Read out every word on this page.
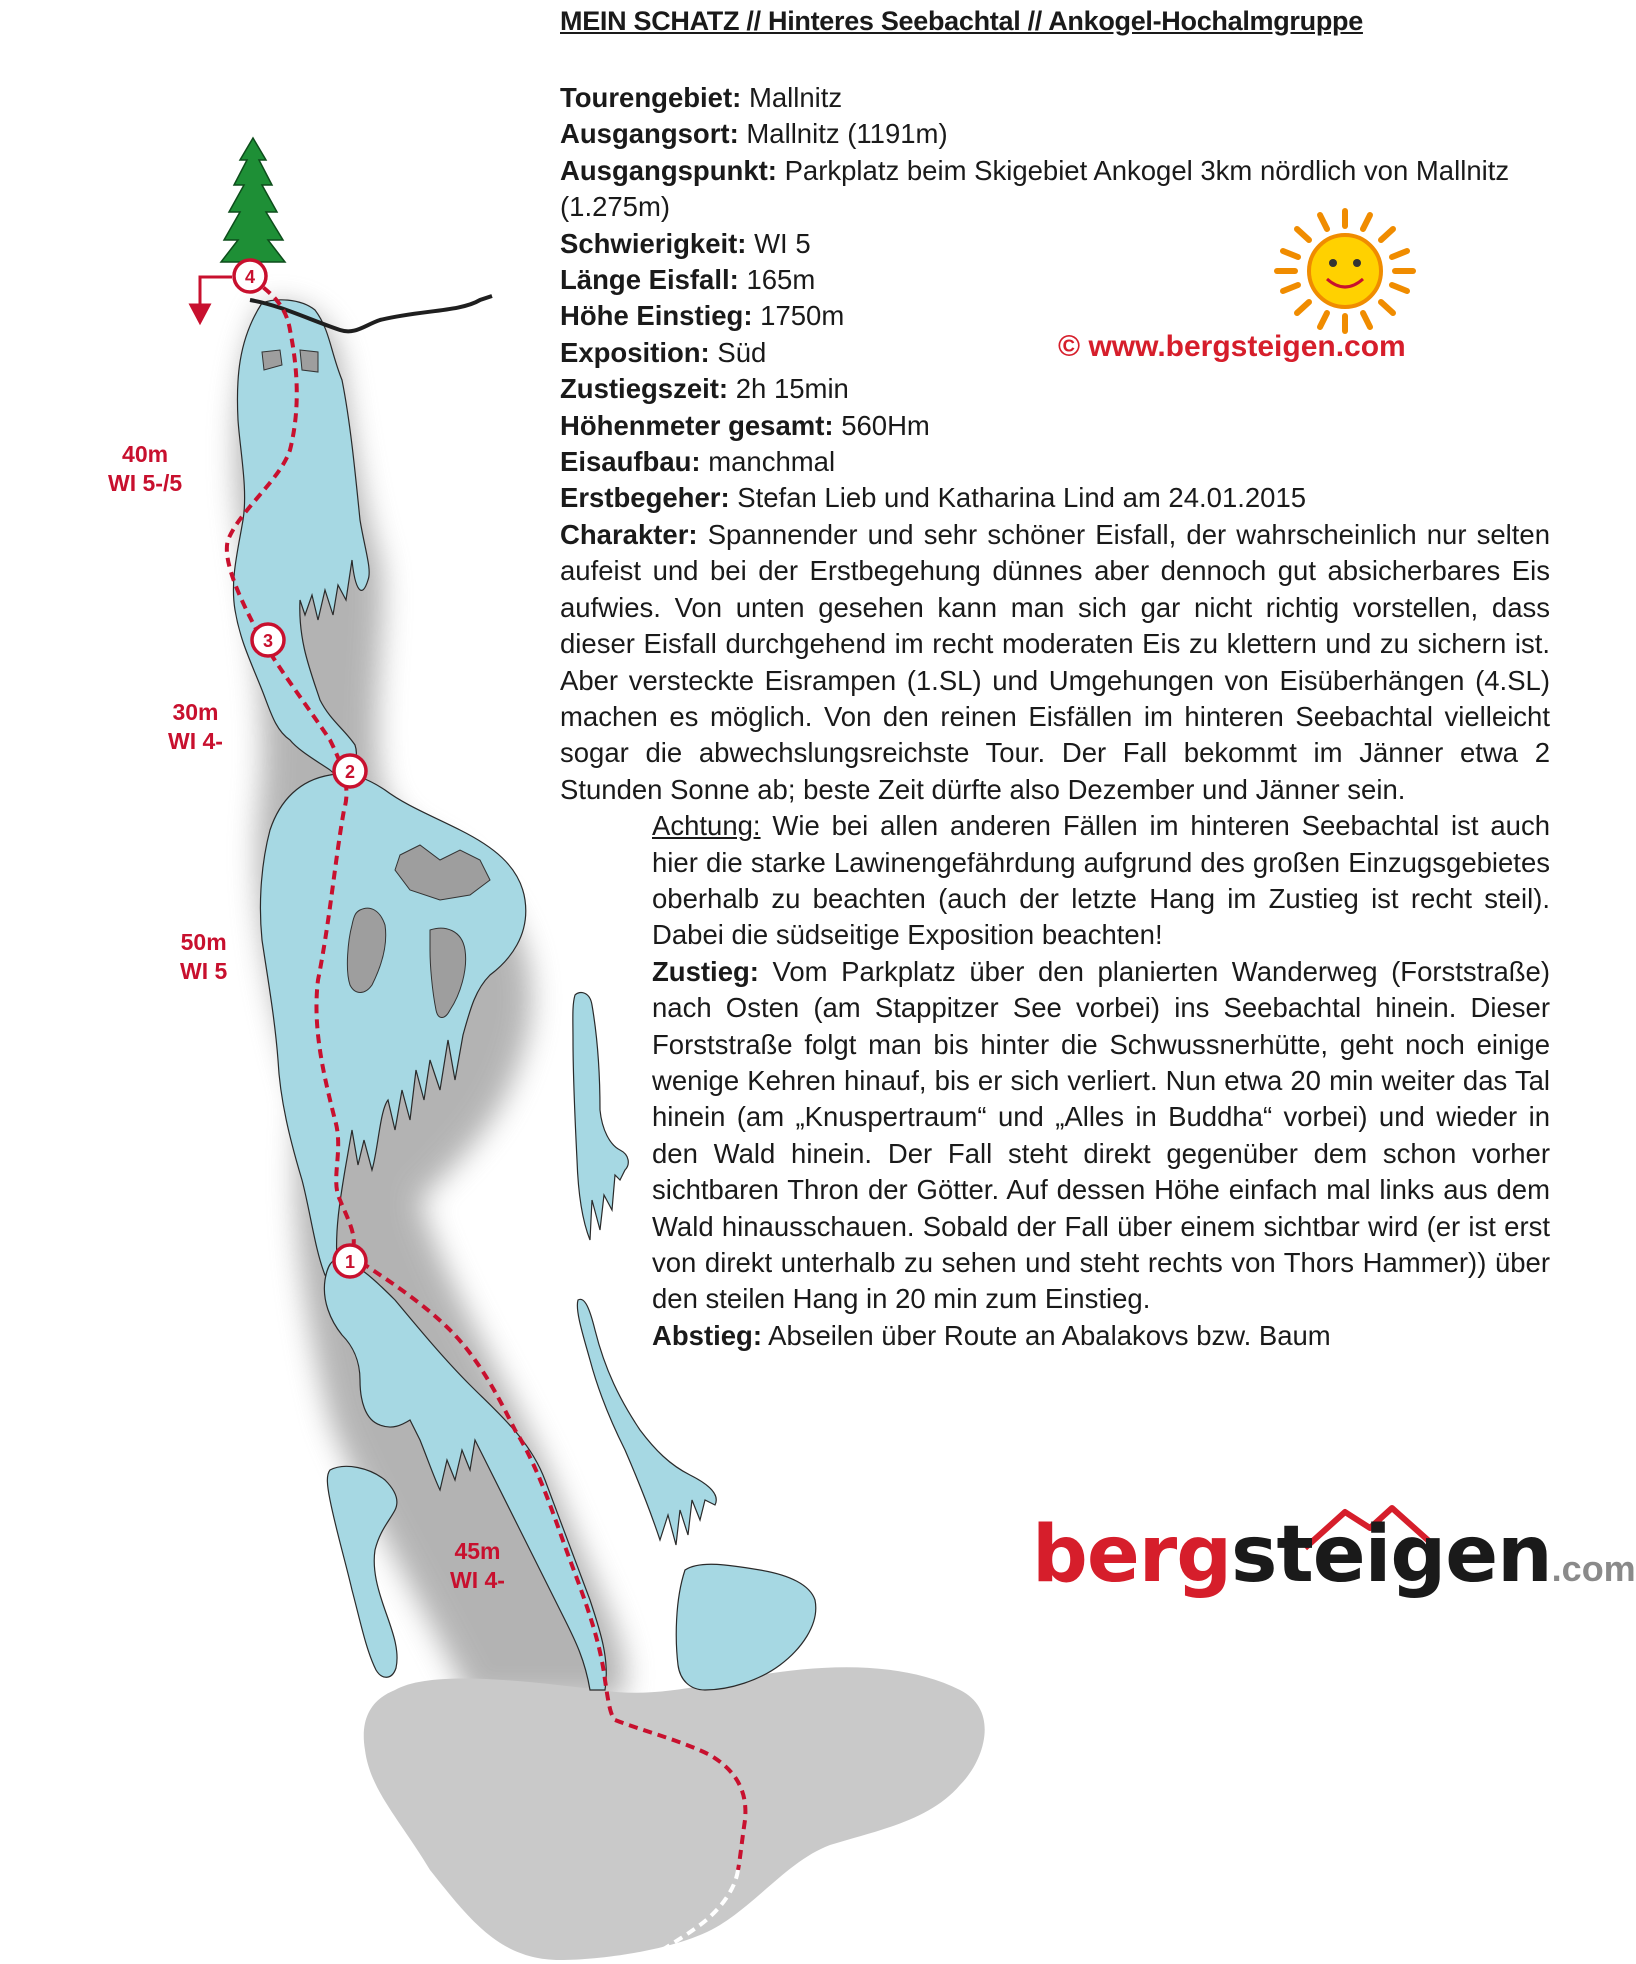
4
3
2
1
MEIN SCHATZ // Hinteres Seebachtal // Ankogel-Hochalmgruppe
Tourengebiet: Mallnitz
Ausgangsort: Mallnitz (1191m)
Ausgangspunkt: Parkplatz beim Skigebiet Ankogel 3km nördlich von Mallnitz (1.275m)
Schwierigkeit: WI 5
Länge Eisfall: 165m
Höhe Einstieg: 1750m
Exposition: Süd
Zustiegszeit: 2h 15min
Höhenmeter gesamt: 560Hm
Eisaufbau: manchmal
Erstbegeher: Stefan Lieb und Katharina Lind am 24.01.2015
Charakter: Spannender und sehr schöner Eisfall, der wahrscheinlich nur selten aufeist und bei der Erstbegehung dünnes aber dennoch gut absicherbares Eis aufwies. Von unten gesehen kann man sich gar nicht richtig vorstellen, dass dieser Eisfall durchgehend im recht moderaten Eis zu klettern und zu sichern ist. Aber versteckte Eisrampen (1.SL) und Umgehungen von Eisüberhängen (4.SL) machen es möglich. Von den reinen Eisfällen im hinteren Seebachtal vielleicht sogar die abwechslungsreichste Tour. Der Fall bekommt im Jänner etwa 2 Stunden Sonne ab; beste Zeit dürfte also Dezember und Jänner sein.
Achtung: Wie bei allen anderen Fällen im hinteren Seebachtal ist auch hier die starke Lawinengefährdung aufgrund des großen Einzugsgebietes oberhalb zu beachten (auch der letzte Hang im Zustieg ist recht steil). Dabei die südseitige Exposition beachten!
Zustieg: Vom Parkplatz über den planierten Wanderweg (Forststraße) nach Osten (am Stappitzer See vorbei) ins Seebachtal hinein. Dieser Forststraße folgt man bis hinter die Schwussnerhütte, geht noch einige wenige Kehren hinauf, bis er sich verliert. Nun etwa 20 min weiter das Tal hinein (am „Knuspertraum“ und „Alles in Buddha“ vorbei) und wieder in den Wald hinein. Der Fall steht direkt gegenüber dem schon vorher sichtbaren Thron der Götter. Auf dessen Höhe einfach mal links aus dem Wald hinausschauen. Sobald der Fall über einem sichtbar wird (er ist erst von direkt unterhalb zu sehen und steht rechts von Thors Hammer)) über den steilen Hang in 20 min zum Einstieg.
Abstieg: Abseilen über Route an Abalakovs bzw. Baum
© www.bergsteigen.com
40m
WI 5-/5
30m
WI 4-
50m
WI 5
45m
WI 4-	bergsteigen.com
